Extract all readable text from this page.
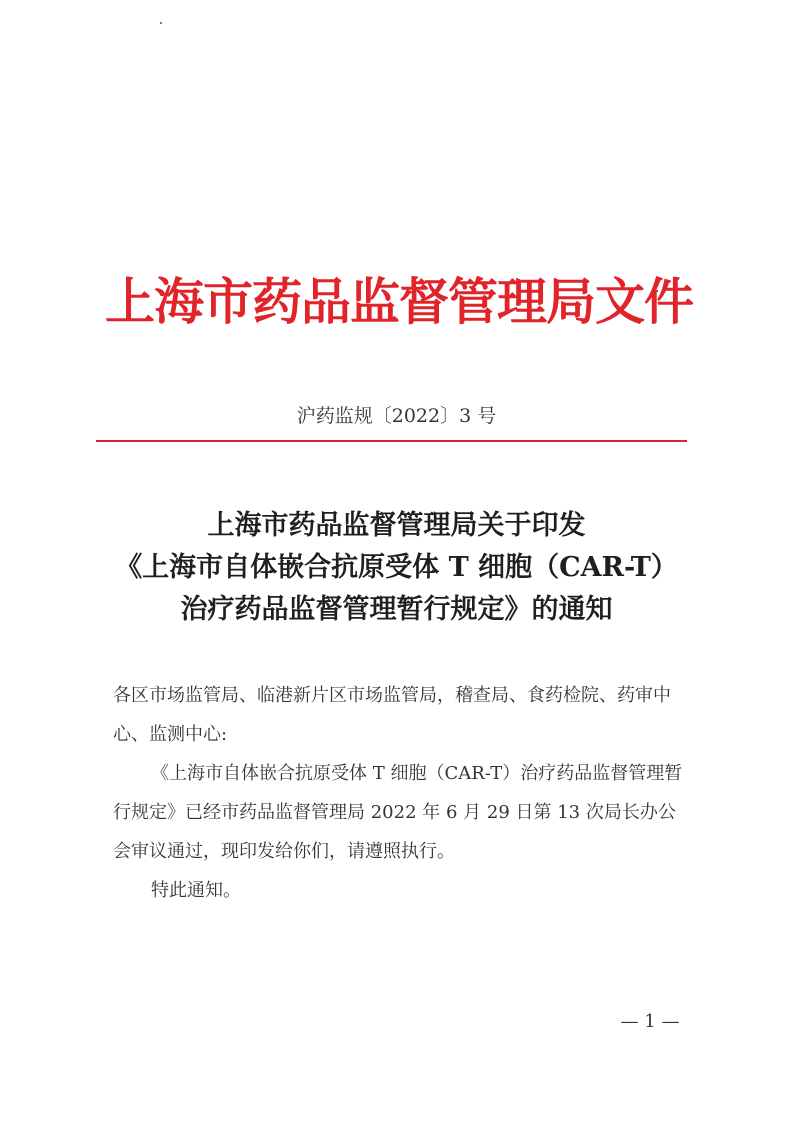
上海市药品监督管理局文件
沪药监规〔2022〕3 号
上海市药品监督管理局关于印发
《上海市自体嵌合抗原受体 T 细胞（CAR-T）
治疗药品监督管理暂行规定》的通知

各区市场监管局、临港新片区市场监管局，稽查局、食药检院、药审中心、监测中心:

《上海市自体嵌合抗原受体 T 细胞（CAR-T）治疗药品监督管理暂行规定》已经市药品监督管理局 2022 年 6 月 29 日第 13 次局长办公会审议通过，现印发给你们，请遵照执行。

特此通知。

— 1 —
